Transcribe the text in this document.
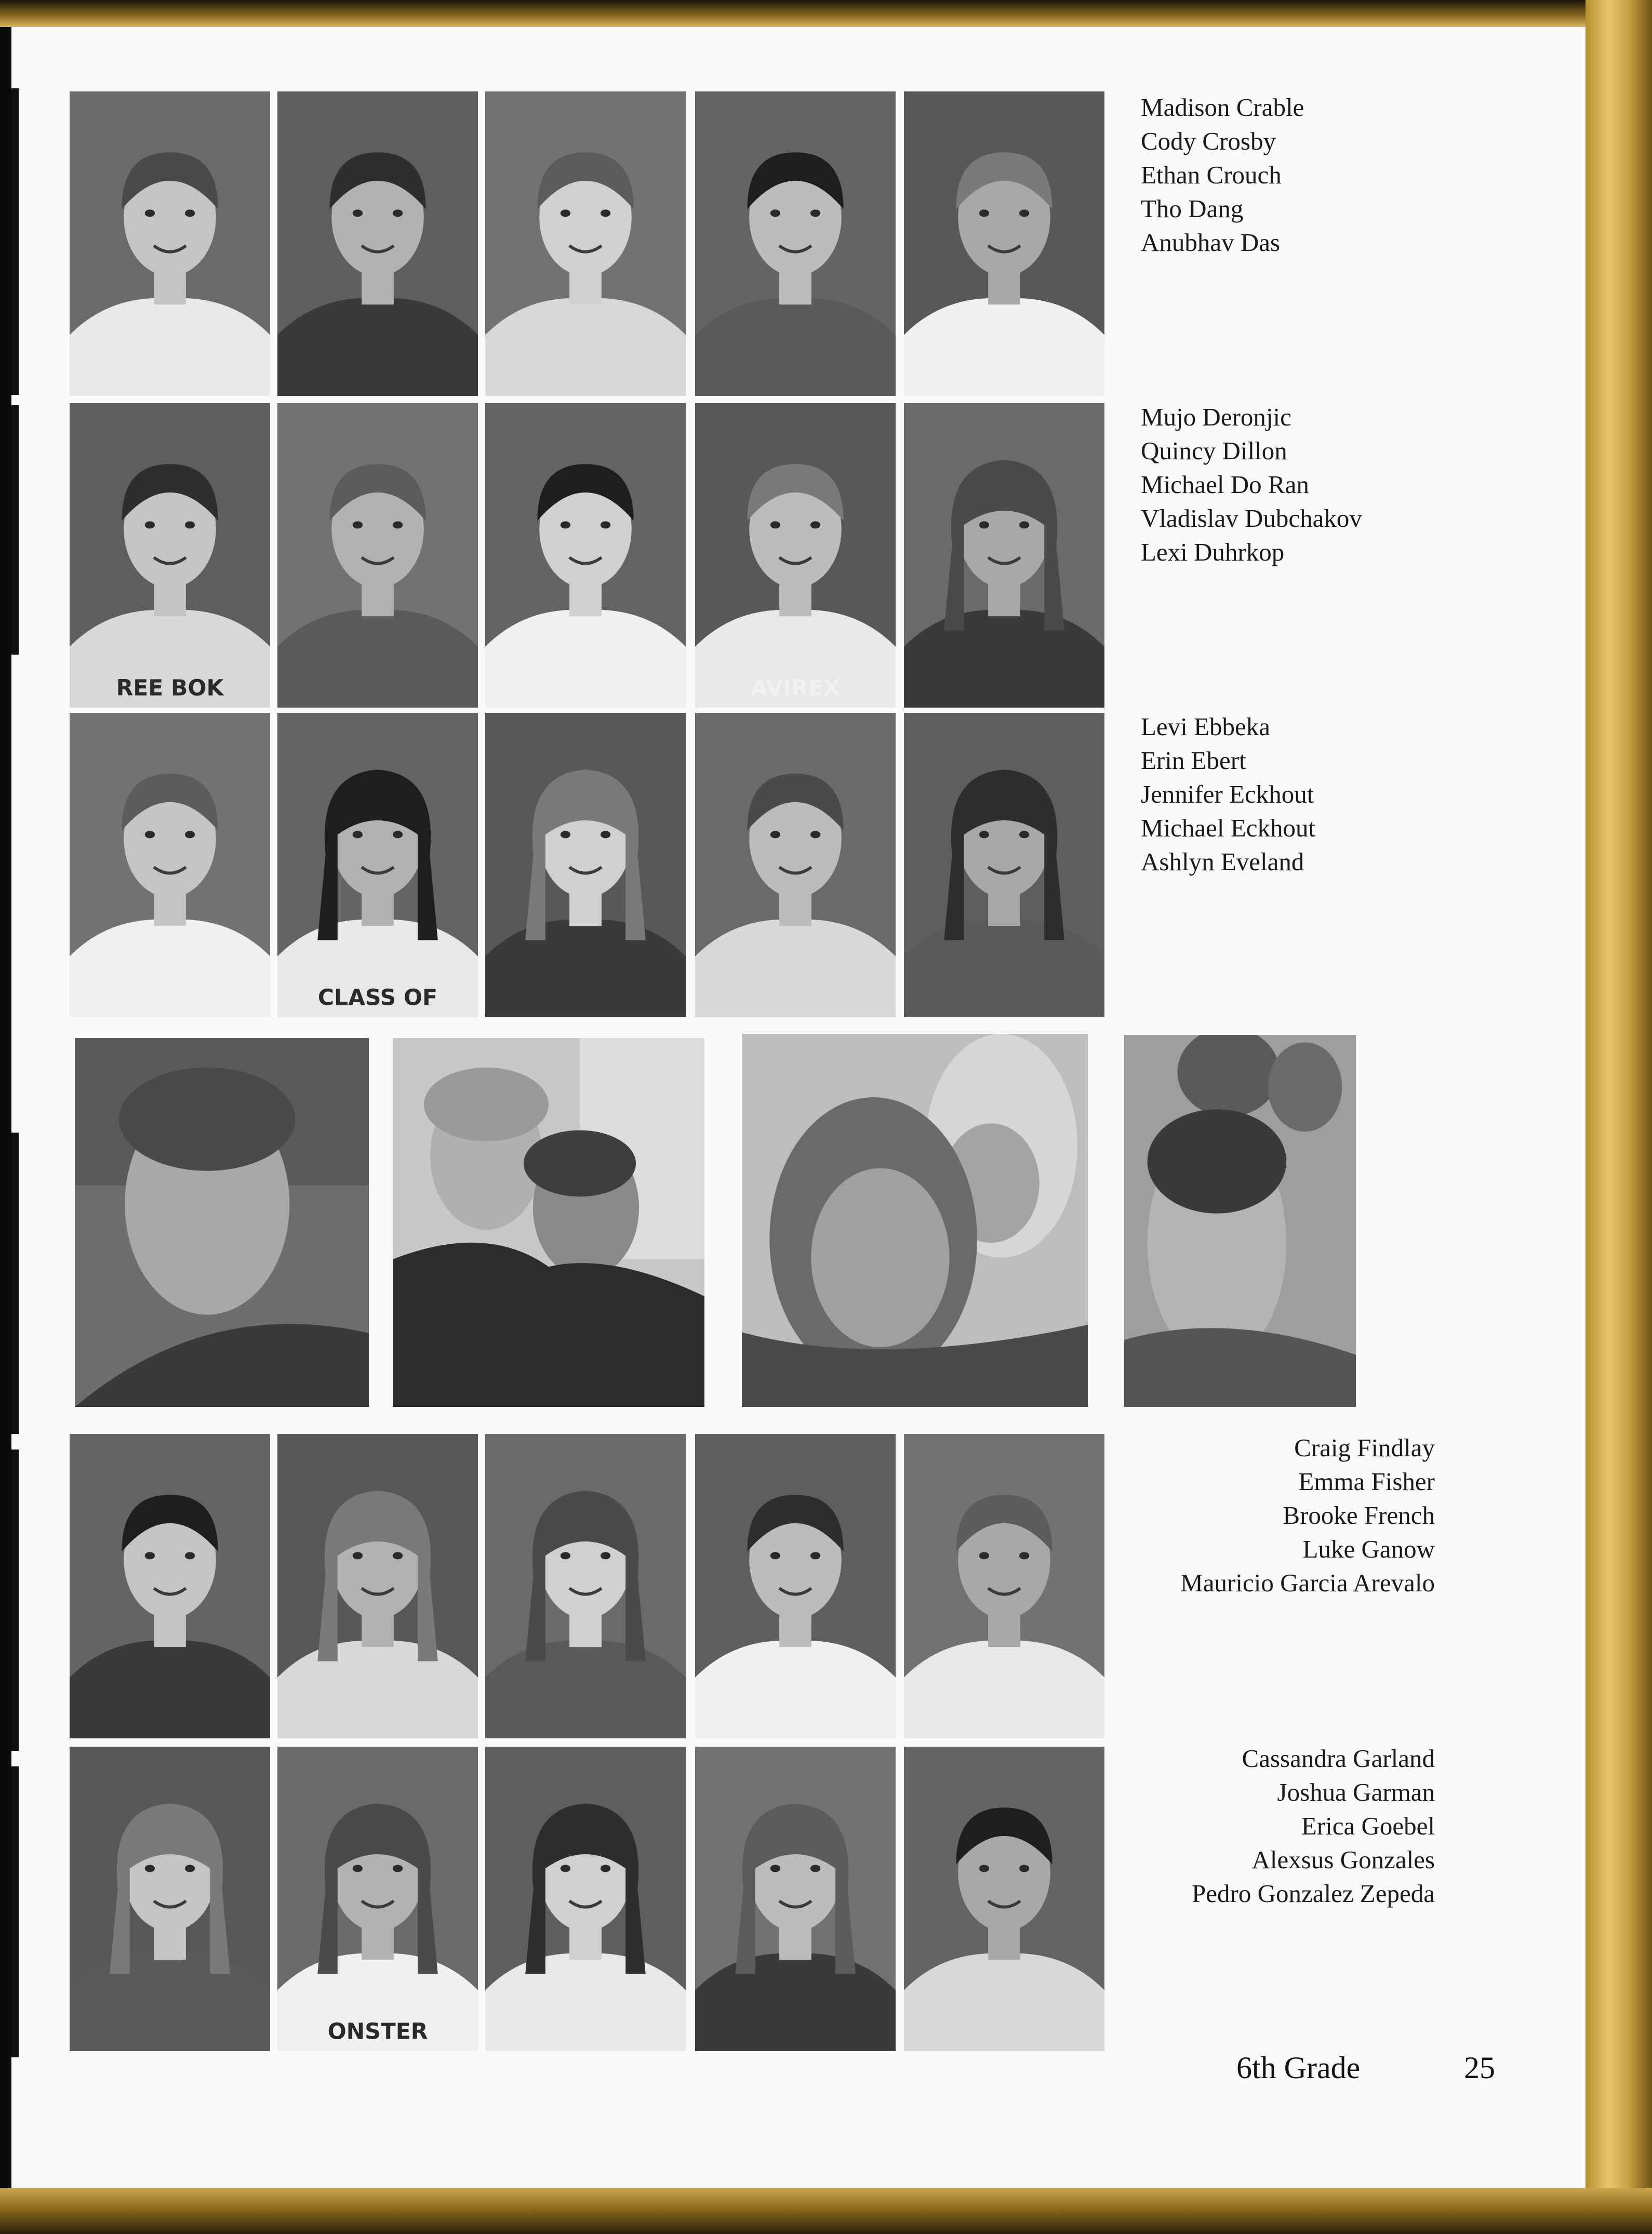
REE BOK	AVIREX
CLASS OF
ONSTER
Madison Crable
Cody Crosby
Ethan Crouch
Tho Dang
Anubhav Das
Mujo Deronjic
Quincy Dillon
Michael Do Ran
Vladislav Dubchakov
Lexi Duhrkop
Levi Ebbeka
Erin Ebert
Jennifer Eckhout
Michael Eckhout
Ashlyn Eveland
Craig Findlay
Emma Fisher
Brooke French
Luke Ganow
Mauricio Garcia Arevalo
Cassandra Garland
Joshua Garman
Erica Goebel
Alexsus Gonzales
Pedro Gonzalez Zepeda
6th Grade	25
